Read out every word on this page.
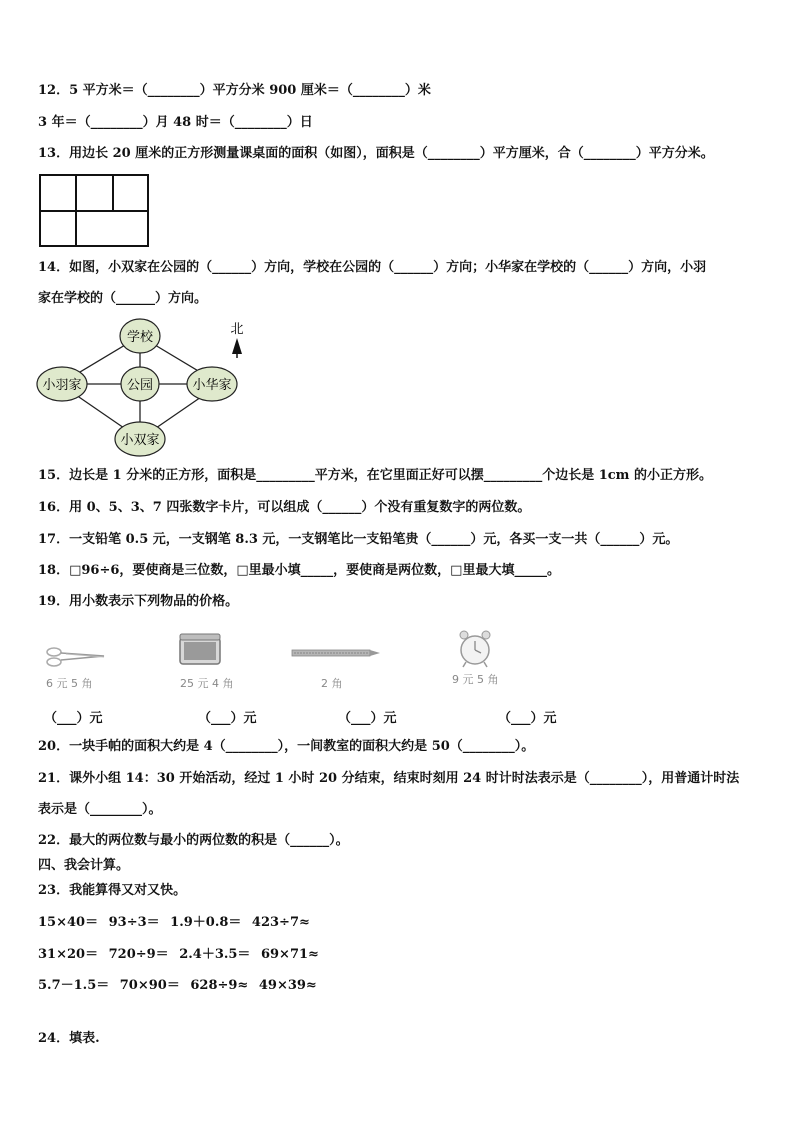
12．5 平方米＝（________）平方分米 900 厘米＝（________）米
3 年＝（________）月 48 时＝（________）日
13．用边长 20 厘米的正方形测量课桌面的面积（如图），面积是（________）平方厘米，合（________）平方分米。
14．如图，小双家在公园的（______）方向，学校在公园的（______）方向；小华家在学校的（______）方向，小羽
家在学校的（______）方向。
学校
公园
小羽家	小华家
小双家
北
15．边长是 1 分米的正方形，面积是_________平方米，在它里面正好可以摆_________个边长是 1cm 的小正方形。
16．用 0、5、3、7 四张数字卡片，可以组成（______）个没有重复数字的两位数。
17．一支铅笔 0.5 元，一支钢笔 8.3 元，一支钢笔比一支铅笔贵（______）元，各买一支一共（______）元。
18．□96÷6，要使商是三位数，□里最小填_____，要使商是两位数，□里最大填_____。
19．用小数表示下列物品的价格。
6 元 5 角	25 元 4 角	2 角	9 元 5 角
（___）元	（___）元	（___）元	（___）元
20．一块手帕的面积大约是 4（________），一间教室的面积大约是 50（________）。
21．课外小组 14：30 开始活动，经过 1 小时 20 分结束，结束时刻用 24 时计时法表示是（________），用普通计时法
表示是（________）。
22．最大的两位数与最小的两位数的积是（______）。
四、我会计算。
23．我能算得又对又快。
15×40＝ 93÷3＝ 1.9＋0.8＝ 423÷7≈
31×20＝ 720÷9＝ 2.4＋3.5＝ 69×71≈
5.7－1.5＝ 70×90＝ 628÷9≈ 49×39≈
24．填表.
